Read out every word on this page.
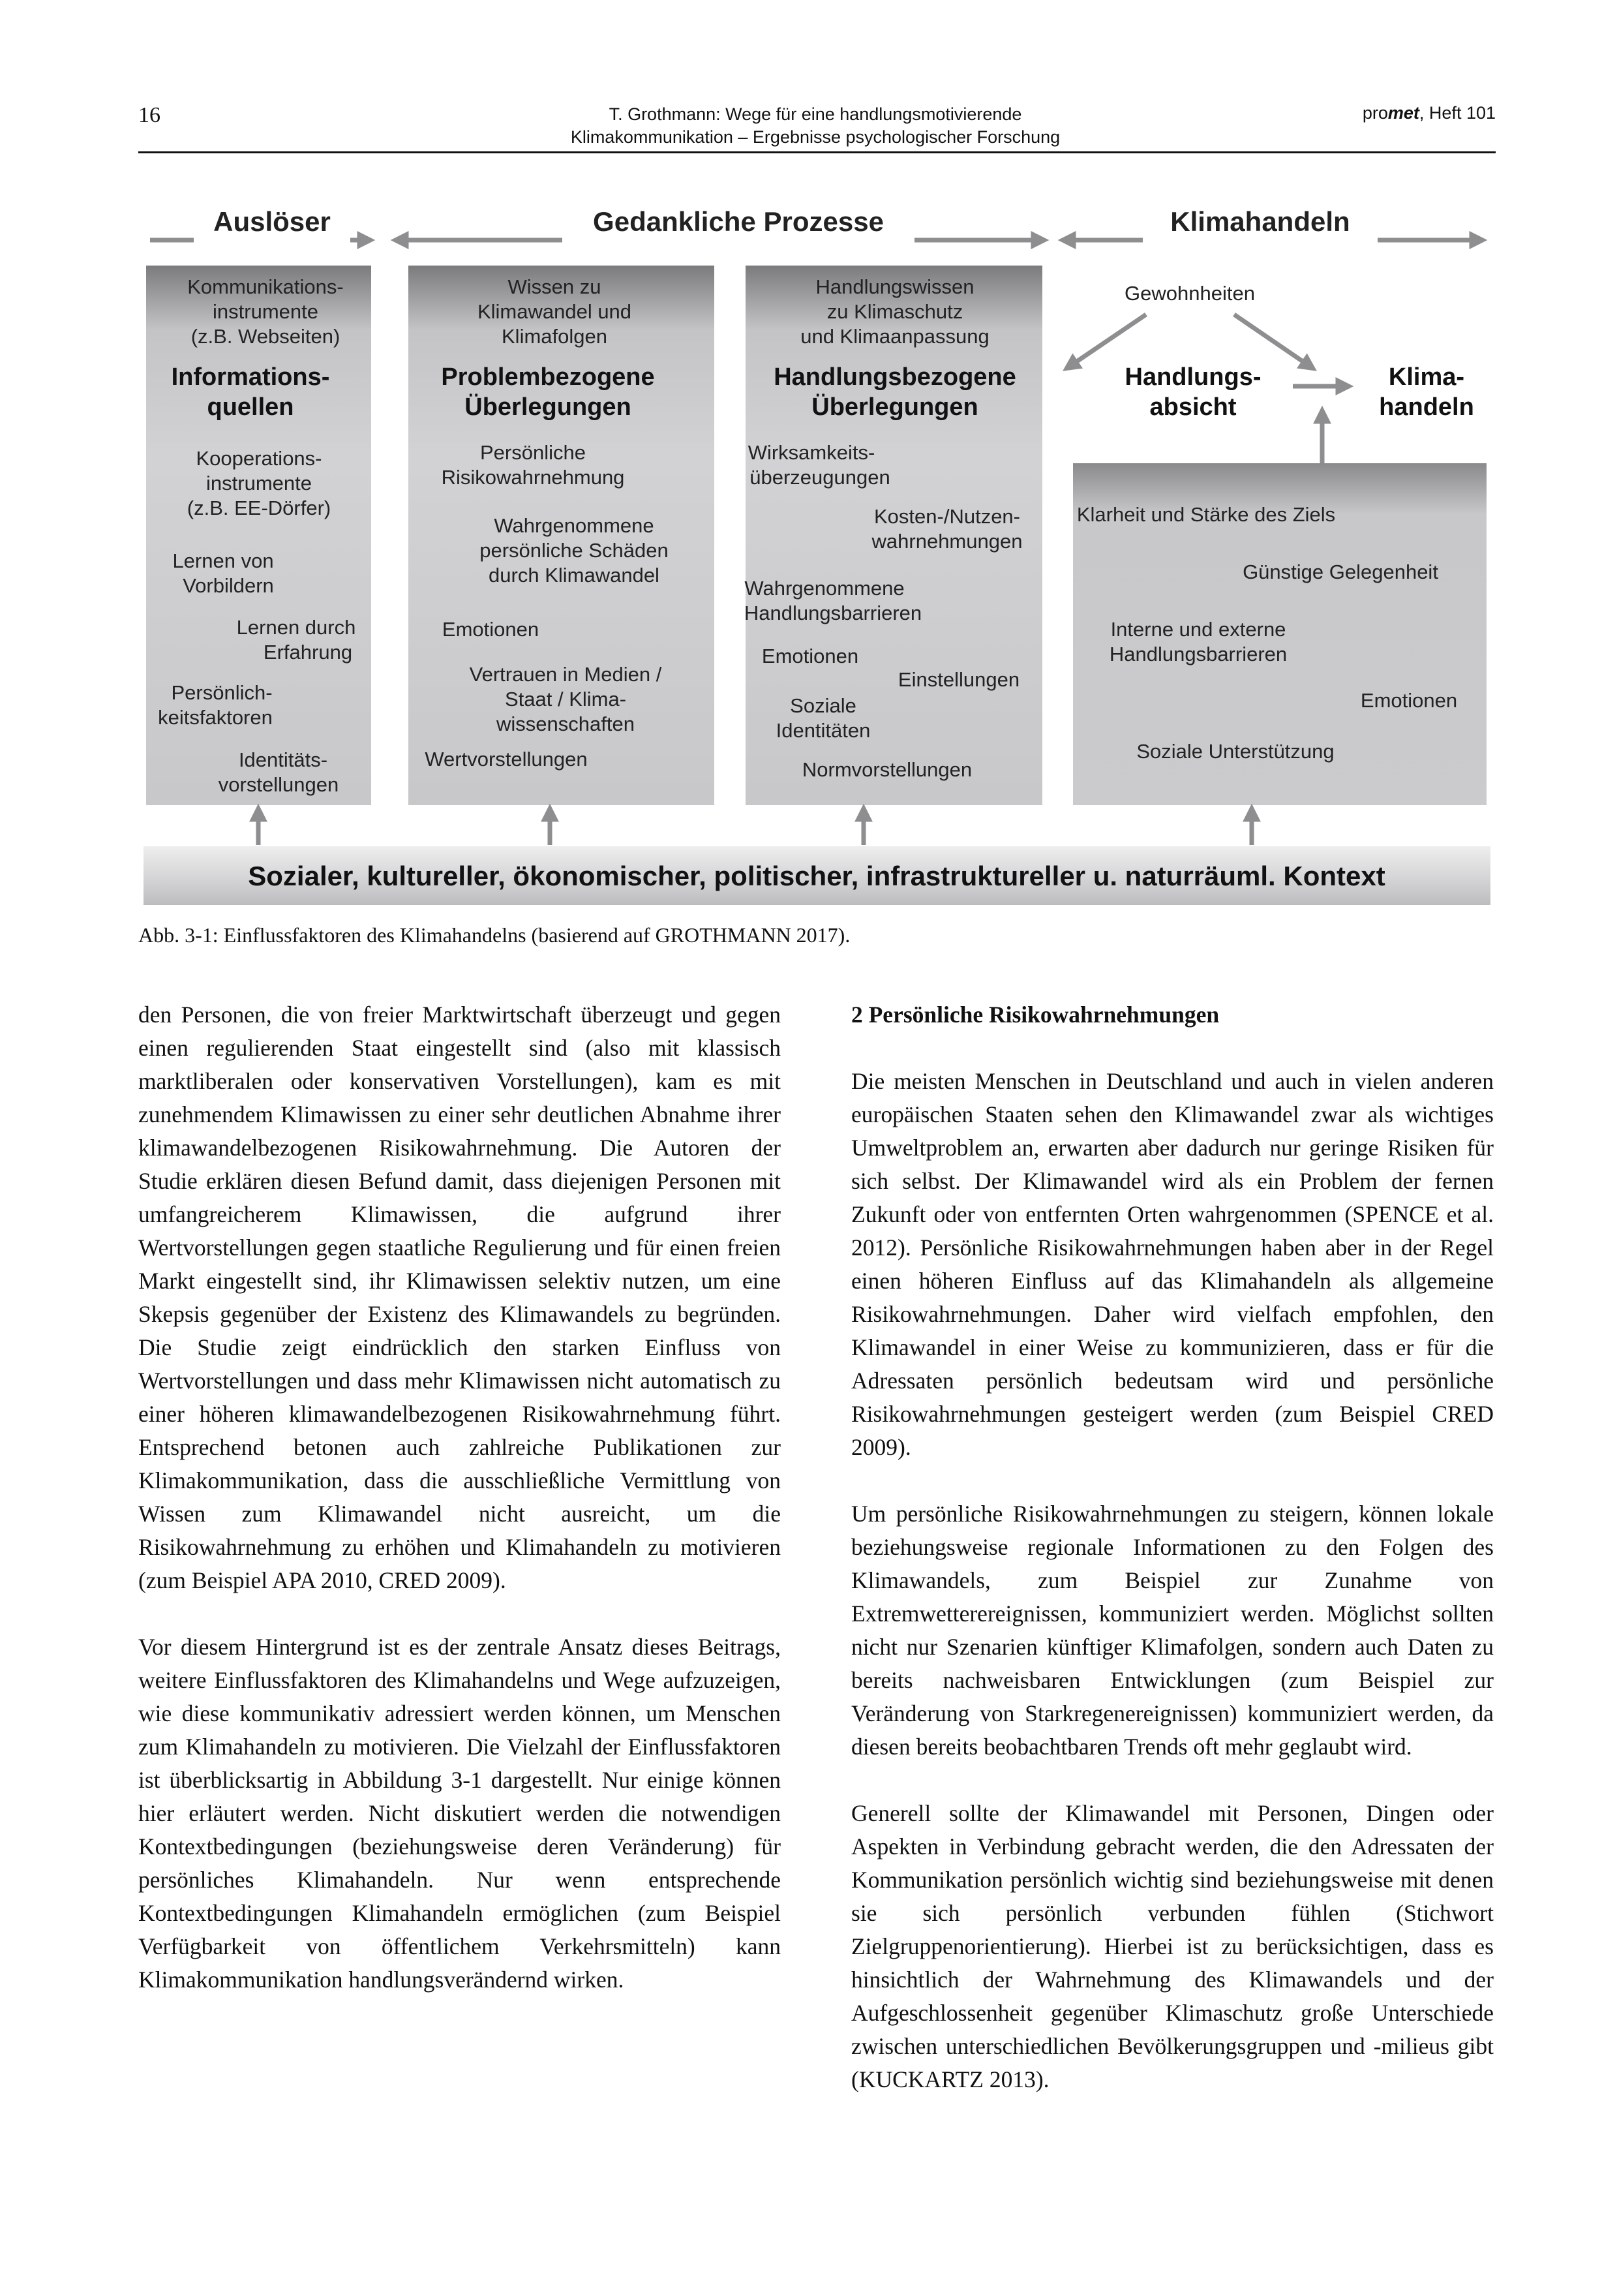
16	T. Grothmann: Wege für eine handlungsmotivierende
Klimakommunikation – Ergebnisse psychologischer Forschung
promet, Heft 101
Auslöser	Gedankliche Prozesse	Klimahandeln
Kommunikations-
instrumente
(z.B. Webseiten)
Informations-
quellen
Kooperations-
instrumente
(z.B. EE-Dörfer)
Lernen von
Vorbildern
Lernen durch
Erfahrung
Persönlich-
keitsfaktoren
Identitäts-
vorstellungen
Wissen zu
Klimawandel und
Klimafolgen
Problembezogene
Überlegungen
Persönliche
Risikowahrnehmung
Wahrgenommene
persönliche Schäden
durch Klimawandel
Emotionen
Vertrauen in Medien /
Staat / Klima-
wissenschaften
Wertvorstellungen
Handlungswissen
zu Klimaschutz
und Klimaanpassung
Handlungsbezogene
Überlegungen
Wirksamkeits-
überzeugungen
Kosten-/Nutzen-
wahrnehmungen
Wahrgenommene
Handlungsbarrieren
Emotionen
Einstellungen
Soziale
Identitäten
Normvorstellungen
Gewohnheiten
Handlungs-
absicht
Klima-
handeln
Klarheit und Stärke des Ziels
Günstige Gelegenheit
Interne und externe
Handlungsbarrieren
Emotionen
Soziale Unterstützung
Sozialer, kultureller, ökonomischer, politischer, infrastruktureller u. naturräuml. Kontext
Abb. 3-1: Einflussfaktoren des Klimahandelns (basierend auf GROTHMANN 2017).

den Personen, die von freier Marktwirtschaft überzeugt und gegen einen regulierenden Staat eingestellt sind (also mit klassisch marktliberalen oder konservativen Vorstellungen), kam es mit zunehmendem Klimawissen zu einer sehr deutlichen Abnahme ihrer klimawandelbezogenen Risikowahrnehmung. Die Autoren der Studie erklären diesen Befund damit, dass diejenigen Personen mit umfangreicherem Klimawissen, die aufgrund ihrer Wertvorstellungen gegen staatliche Regulierung und für einen freien Markt eingestellt sind, ihr Klimawissen selektiv nutzen, um eine Skepsis gegenüber der Existenz des Klimawandels zu begründen. Die Studie zeigt eindrücklich den starken Einfluss von Wertvorstellungen und dass mehr Klimawissen nicht automatisch zu einer höheren klimawandelbezogenen Risikowahrnehmung führt. Entsprechend betonen auch zahlreiche Publikationen zur Klimakommunikation, dass die ausschließliche Vermittlung von Wissen zum Klimawandel nicht ausreicht, um die Risikowahrnehmung zu erhöhen und Klimahandeln zu motivieren (zum Beispiel APA 2010, CRED 2009).

Vor diesem Hintergrund ist es der zentrale Ansatz dieses Beitrags, weitere Einflussfaktoren des Klimahandelns und Wege aufzuzeigen, wie diese kommunikativ adressiert werden können, um Menschen zum Klimahandeln zu motivieren. Die Vielzahl der Einflussfaktoren ist überblicksartig in Abbildung 3-1 dargestellt. Nur einige können hier erläutert werden. Nicht diskutiert werden die notwendigen Kontextbedingungen (beziehungsweise deren Veränderung) für persönliches Klimahandeln. Nur wenn entsprechende Kontextbedingungen Klimahandeln ermöglichen (zum Beispiel Verfügbarkeit von öffentlichem Verkehrsmitteln) kann Klimakommunikation handlungsverändernd wirken.

2 Persönliche Risikowahrnehmungen

Die meisten Menschen in Deutschland und auch in vielen anderen europäischen Staaten sehen den Klimawandel zwar als wichtiges Umweltproblem an, erwarten aber dadurch nur geringe Risiken für sich selbst. Der Klimawandel wird als ein Problem der fernen Zukunft oder von entfernten Orten wahrgenommen (SPENCE et al. 2012). Persönliche Risikowahrnehmungen haben aber in der Regel einen höheren Einfluss auf das Klimahandeln als allgemeine Risikowahrnehmungen. Daher wird vielfach empfohlen, den Klimawandel in einer Weise zu kommunizieren, dass er für die Adressaten persönlich bedeutsam wird und persönliche Risikowahrnehmungen gesteigert werden (zum Beispiel CRED 2009).

Um persönliche Risikowahrnehmungen zu steigern, können lokale beziehungsweise regionale Informationen zu den Folgen des Klimawandels, zum Beispiel zur Zunahme von Extremwetterereignissen, kommuniziert werden. Möglichst sollten nicht nur Szenarien künftiger Klimafolgen, sondern auch Daten zu bereits nachweisbaren Entwicklungen (zum Beispiel zur Veränderung von Starkregenereignissen) kommuniziert werden, da diesen bereits beobachtbaren Trends oft mehr geglaubt wird.

Generell sollte der Klimawandel mit Personen, Dingen oder Aspekten in Verbindung gebracht werden, die den Adressaten der Kommunikation persönlich wichtig sind beziehungsweise mit denen sie sich persönlich verbunden fühlen (Stichwort Zielgruppenorientierung). Hierbei ist zu berücksichtigen, dass es hinsichtlich der Wahrnehmung des Klimawandels und der Aufgeschlossenheit gegenüber Klimaschutz große Unterschiede zwischen unterschiedlichen Bevölkerungsgruppen und -milieus gibt (KUCKARTZ 2013).
